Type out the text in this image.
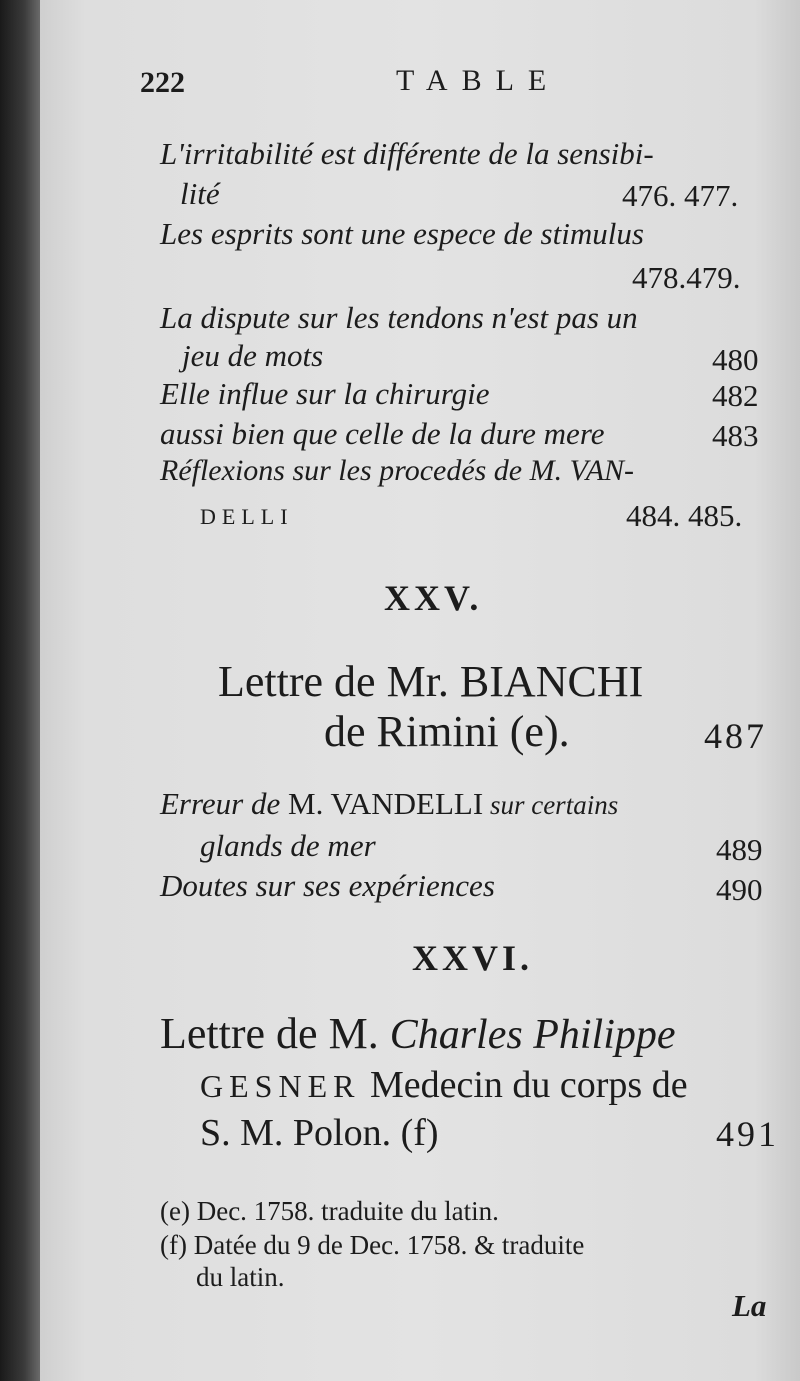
222	TABLE
L'irritabilité est différente de la sensibi-
lité	476. 477.
Les esprits sont une espece de stimulus
478.479.
La dispute sur les tendons n'est pas un
jeu de mots	480
Elle influe sur la chirurgie	482
aussi bien que celle de la dure mere	483
Réflexions sur les procedés de M. VAN-
DELLI	484. 485.
XXV.
Lettre de Mr. BIANCHI
de Rimini (e).	487
Erreur de M. VANDELLI sur certains
glands de mer	489
Doutes sur ses expériences	490
XXVI.
Lettre de M. Charles Philippe
GESNER Medecin du corps de
S. M. Polon. (f)	491
(e) Dec. 1758. traduite du latin.
(f) Datée du 9 de Dec. 1758. & traduite
du latin.
La
